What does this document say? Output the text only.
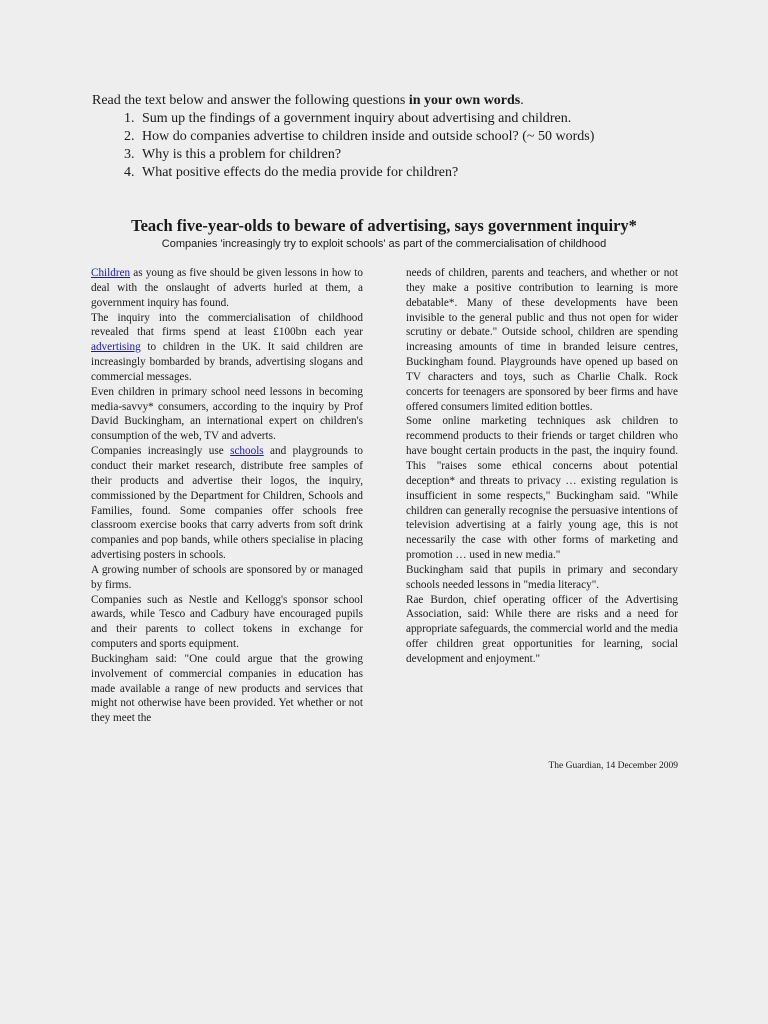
Read the text below and answer the following questions in your own words.
1. Sum up the findings of a government inquiry about advertising and children.
2. How do companies advertise to children inside and outside school? (~ 50 words)
3. Why is this a problem for children?
4. What positive effects do the media provide for children?
Teach five-year-olds to beware of advertising, says government inquiry*
Companies 'increasingly try to exploit schools' as part of the commercialisation of childhood

Children as young as five should be given lessons in how to deal with the onslaught of adverts hurled at them, a government inquiry has found.

The inquiry into the commercialisation of childhood revealed that firms spend at least £100bn each year advertising to children in the UK. It said children are increasingly bombarded by brands, advertising slogans and commercial messages.

Even children in primary school need lessons in becoming media-savvy* consumers, according to the inquiry by Prof David Buckingham, an international expert on children's consumption of the web, TV and adverts.

Companies increasingly use schools and playgrounds to conduct their market research, distribute free samples of their products and advertise their logos, the inquiry, commissioned by the Department for Children, Schools and Families, found. Some companies offer schools free classroom exercise books that carry adverts from soft drink companies and pop bands, while others specialise in placing advertising posters in schools.

A growing number of schools are sponsored by or managed by firms.

Companies such as Nestle and Kellogg's sponsor school awards, while Tesco and Cadbury have encouraged pupils and their parents to collect tokens in exchange for computers and sports equipment.

Buckingham said: "One could argue that the growing involvement of commercial companies in education has made available a range of new products and services that might not otherwise have been provided. Yet whether or not they meet the

needs of children, parents and teachers, and whether or not they make a positive contribution to learning is more debatable*. Many of these developments have been invisible to the general public and thus not open for wider scrutiny or debate." Outside school, children are spending increasing amounts of time in branded leisure centres, Buckingham found. Playgrounds have opened up based on TV characters and toys, such as Charlie Chalk. Rock concerts for teenagers are sponsored by beer firms and have offered consumers limited edition bottles.

Some online marketing techniques ask children to recommend products to their friends or target children who have bought certain products in the past, the inquiry found. This "raises some ethical concerns about potential deception* and threats to privacy … existing regulation is insufficient in some respects," Buckingham said. "While children can generally recognise the persuasive intentions of television advertising at a fairly young age, this is not necessarily the case with other forms of marketing and promotion … used in new media."

Buckingham said that pupils in primary and secondary schools needed lessons in "media literacy".

Rae Burdon, chief operating officer of the Advertising Association, said: While there are risks and a need for appropriate safeguards, the commercial world and the media offer children great opportunities for learning, social development and enjoyment."

The Guardian, 14 December 2009
